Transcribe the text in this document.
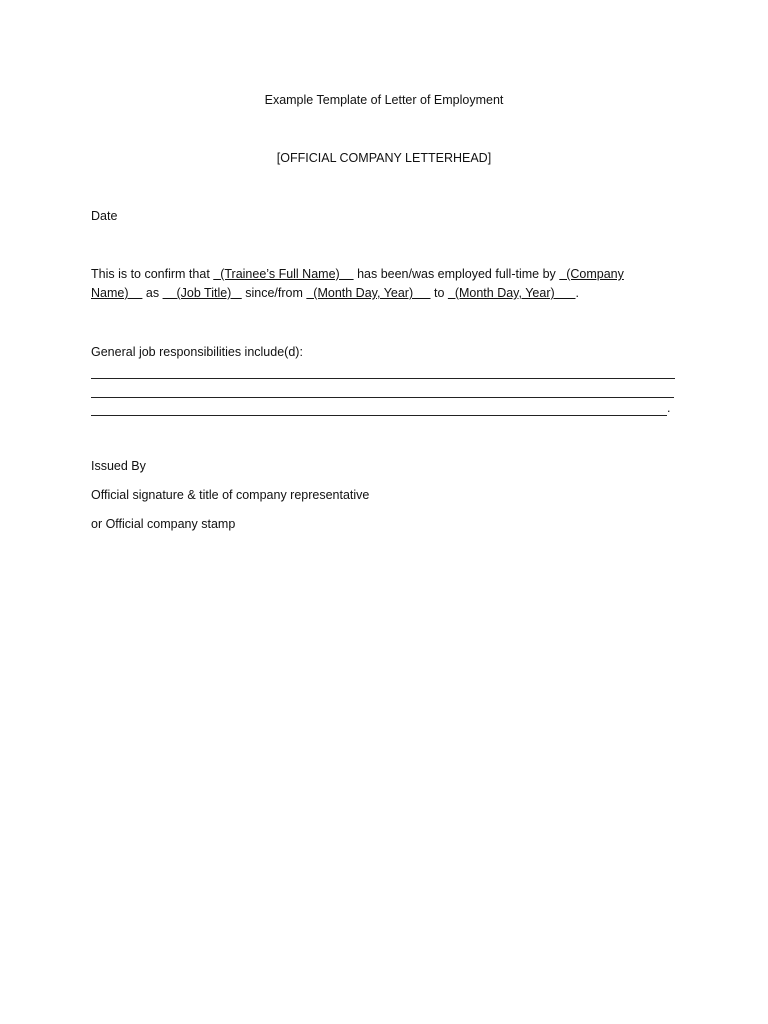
Example Template of Letter of Employment
[OFFICIAL COMPANY LETTERHEAD]
Date
This is to confirm that   (Trainee’s Full Name)     has been/was employed full-time by   (Company
Name)     as     (Job Title)    since/from   (Month Day, Year)      to   (Month Day, Year)      .
General job responsibilities include(d):
.
Issued By
Official signature & title of company representative
or Official company stamp
